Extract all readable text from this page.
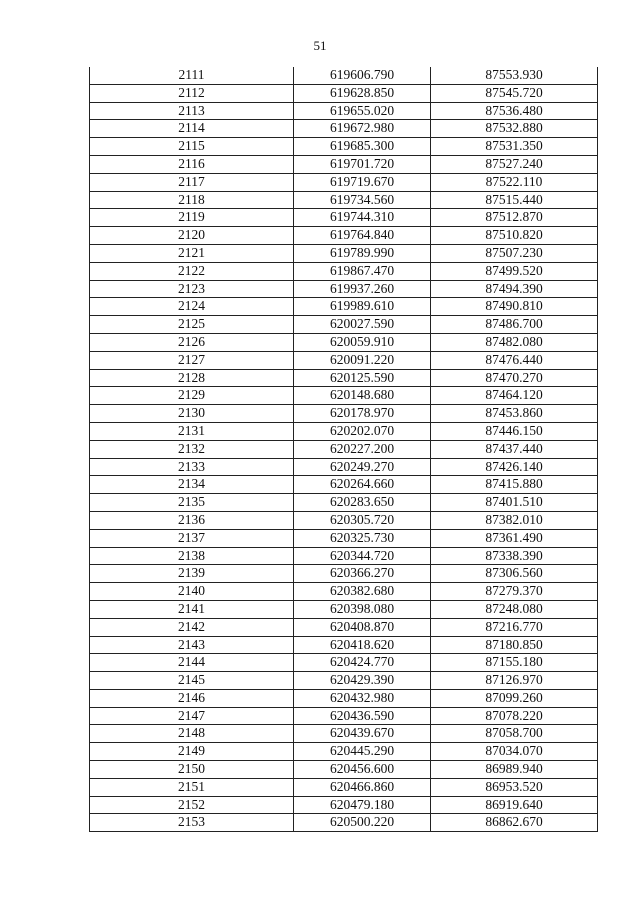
51
2111	619606.790	87553.930
2112	619628.850	87545.720
2113	619655.020	87536.480
2114	619672.980	87532.880
2115	619685.300	87531.350
2116	619701.720	87527.240
2117	619719.670	87522.110
2118	619734.560	87515.440
2119	619744.310	87512.870
2120	619764.840	87510.820
2121	619789.990	87507.230
2122	619867.470	87499.520
2123	619937.260	87494.390
2124	619989.610	87490.810
2125	620027.590	87486.700
2126	620059.910	87482.080
2127	620091.220	87476.440
2128	620125.590	87470.270
2129	620148.680	87464.120
2130	620178.970	87453.860
2131	620202.070	87446.150
2132	620227.200	87437.440
2133	620249.270	87426.140
2134	620264.660	87415.880
2135	620283.650	87401.510
2136	620305.720	87382.010
2137	620325.730	87361.490
2138	620344.720	87338.390
2139	620366.270	87306.560
2140	620382.680	87279.370
2141	620398.080	87248.080
2142	620408.870	87216.770
2143	620418.620	87180.850
2144	620424.770	87155.180
2145	620429.390	87126.970
2146	620432.980	87099.260
2147	620436.590	87078.220
2148	620439.670	87058.700
2149	620445.290	87034.070
2150	620456.600	86989.940
2151	620466.860	86953.520
2152	620479.180	86919.640
2153	620500.220	86862.670
